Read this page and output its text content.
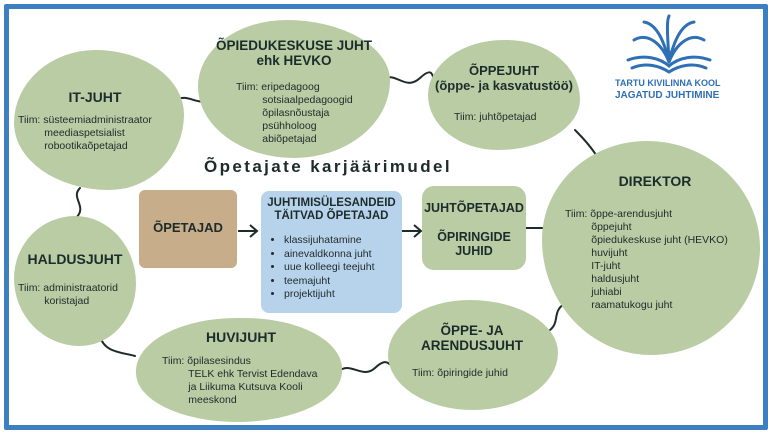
IT-JUHT
Tiim: süsteemiadministraator
meediaspetsialist
robootikaõpetajad
ÕPIEDUKESKUSE JUHT
ehk HEVKO
Tiim: eripedagoog
sotsiaalpedagoogid
õpilasnõustaja
psühholoog
abiõpetajad
ÕPPEJUHT
(õppe- ja kasvatustöö)
Tiim: juhtõpetajad
DIREKTOR
Tiim: õppe-arendusjuht
õppejuht
õpiedukeskuse juht (HEVKO)
huvijuht
IT-juht
haldusjuht
juhiabi
raamatukogu juht
HALDUSJUHT
Tiim: administraatorid
koristajad
HUVIJUHT
Tiim: õpilasesindus
TELK ehk Tervist Edendava
ja Liikuma Kutsuva Kooli
meeskond
ÕPPE- JA
ARENDUSJUHT
Tiim: õpiringide juhid
Õpetajate karjäärimudel
ÕPETAJAD
JUHTIMISÜLESANDEID
TÄITVAD ÕPETAJAD
• klassijuhatamine
• ainevaldkonna juht
• uue kolleegi teejuht
• teemajuht
• projektijuht
JUHTÕPETAJAD
ÕPIRINGIDE
JUHID
TARTU KIVILINNA KOOL
JAGATUD JUHTIMINE
